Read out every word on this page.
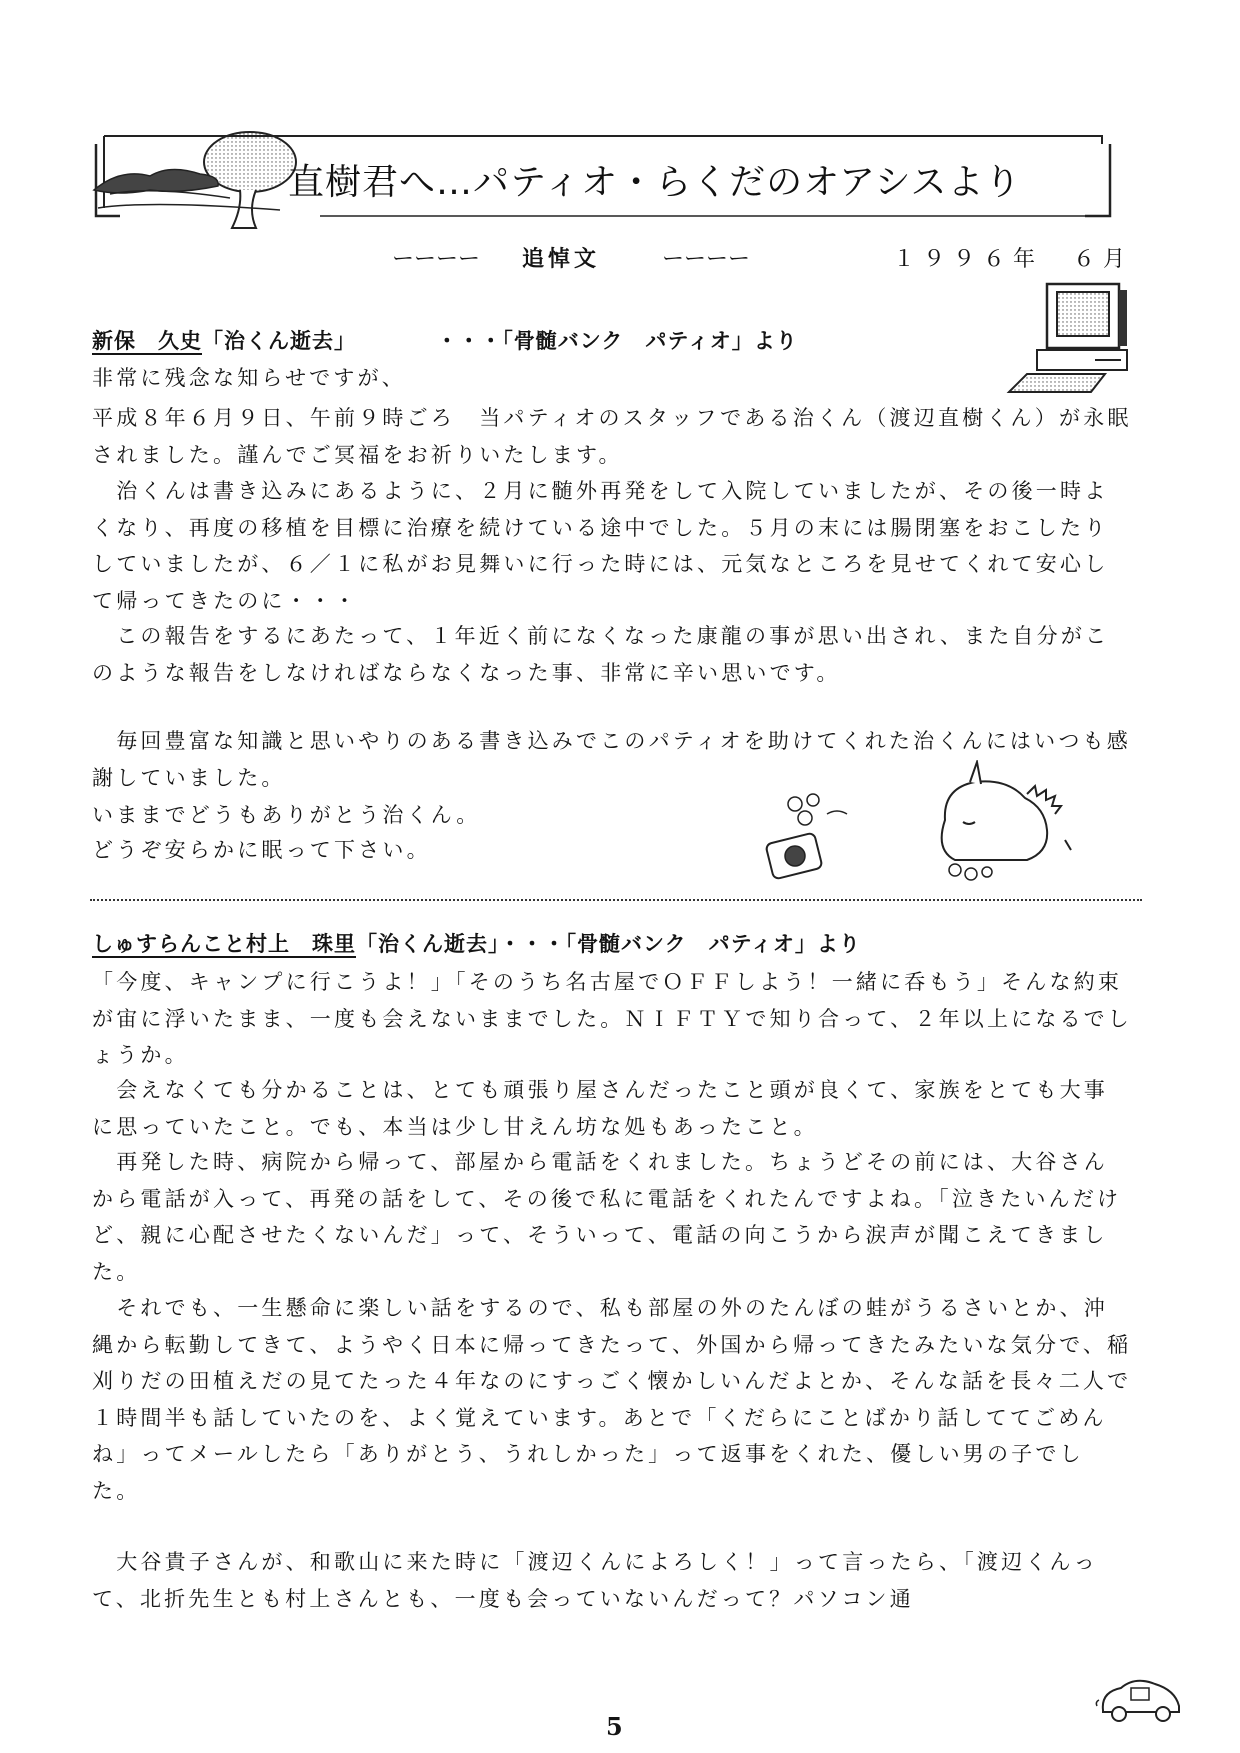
直樹君へ…パティオ・らくだのオアシスより
ーーーー 追悼文	ーーーー	１９９６年　６月
新保　久史「治くん逝去」	・・・「骨髄バンク　パティオ」より

非常に残念な知らせですが、

平成８年６月９日、午前９時ごろ　当パティオのスタッフである治くん（渡辺直樹くん）が永眠されました。謹んでご冥福をお祈りいたします。

　治くんは書き込みにあるように、２月に髄外再発をして入院していましたが、その後一時よくなり、再度の移植を目標に治療を続けている途中でした。５月の末には腸閉塞をおこしたりしていましたが、６／１に私がお見舞いに行った時には、元気なところを見せてくれて安心して帰ってきたのに・・・

　この報告をするにあたって、１年近く前になくなった康龍の事が思い出され、また自分がこのような報告をしなければならなくなった事、非常に辛い思いです。

　毎回豊富な知識と思いやりのある書き込みでこのパティオを助けてくれた治くんにはいつも感謝していました。

いままでどうもありがとう治くん。

どうぞ安らかに眠って下さい。

しゅすらんこと村上　珠里「治くん逝去」・・・「骨髄バンク　パティオ」より

「今度、キャンプに行こうよ！」「そのうち名古屋でＯＦＦしよう！一緒に呑もう」そんな約束が宙に浮いたまま、一度も会えないままでした。ＮＩＦＴＹで知り合って、２年以上になるでしょうか。

　会えなくても分かることは、とても頑張り屋さんだったこと頭が良くて、家族をとても大事に思っていたこと。でも、本当は少し甘えん坊な処もあったこと。

　再発した時、病院から帰って、部屋から電話をくれました。ちょうどその前には、大谷さんから電話が入って、再発の話をして、その後で私に電話をくれたんですよね。「泣きたいんだけど、親に心配させたくないんだ」って、そういって、電話の向こうから涙声が聞こえてきました。

　それでも、一生懸命に楽しい話をするので、私も部屋の外のたんぼの蛙がうるさいとか、沖縄から転勤してきて、ようやく日本に帰ってきたって、外国から帰ってきたみたいな気分で、稲刈りだの田植えだの見てたった４年なのにすっごく懐かしいんだよとか、そんな話を長々二人で１時間半も話していたのを、よく覚えています。あとで「くだらにことばかり話しててごめんね」ってメールしたら「ありがとう、うれしかった」って返事をくれた、優しい男の子でした。

　大谷貴子さんが、和歌山に来た時に「渡辺くんによろしく！」って言ったら、「渡辺くんって、北折先生とも村上さんとも、一度も会っていないんだって？パソコン通

5
